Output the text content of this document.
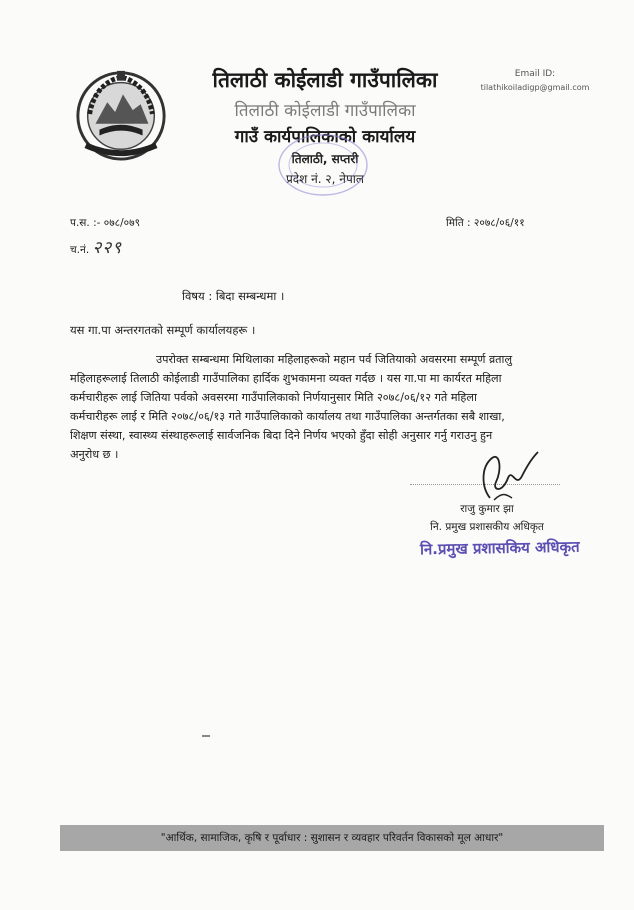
तिलाठी कोईलाडी गाउँपालिका
तिलाठी कोईलाडी गाउँपालिका
गाउँ कार्यपालिकाको कार्यालय
तिलाठी, सप्तरी
प्रदेश नं. २, नेपाल
Email ID:
tilathikoiladigp@gmail.com
प.स. :- ०७८/०७९
च.नं. २२९
मिति : २०७८/०६/११
विषय : बिदा सम्बन्धमा ।
यस गा.पा अन्तरगतको सम्पूर्ण कार्यालयहरू ।
उपरोक्त सम्बन्धमा मिथिलाका महिलाहरूको महान पर्व जितियाको अवसरमा सम्पूर्ण व्रतालु
महिलाहरूलाई तिलाठी कोईलाडी गाउँपालिका हार्दिक शुभकामना व्यक्त गर्दछ । यस गा.पा मा कार्यरत महिला
कर्मचारीहरू लाई जितिया पर्वको अवसरमा गाउँपालिकाको निर्णयानुसार मिति २०७८/०६/१२ गते महिला
कर्मचारीहरू लाई र मिति २०७८/०६/१३ गते गाउँपालिकाको कार्यालय तथा गाउँपालिका अन्तर्गतका सबै शाखा,
शिक्षण संस्था, स्वास्थ्य संस्थाहरूलाई सार्वजनिक बिदा दिने निर्णय भएको हुँदा सोही अनुसार गर्नु गराउनु हुन
अनुरोध छ ।
राजु कुमार झा
नि. प्रमुख प्रशासकीय अधिकृत
नि.प्रमुख प्रशासकिय अधिकृत
"आर्थिक, सामाजिक, कृषि र पूर्वाधार : सुशासन र व्यवहार परिवर्तन विकासको मूल आधार"
